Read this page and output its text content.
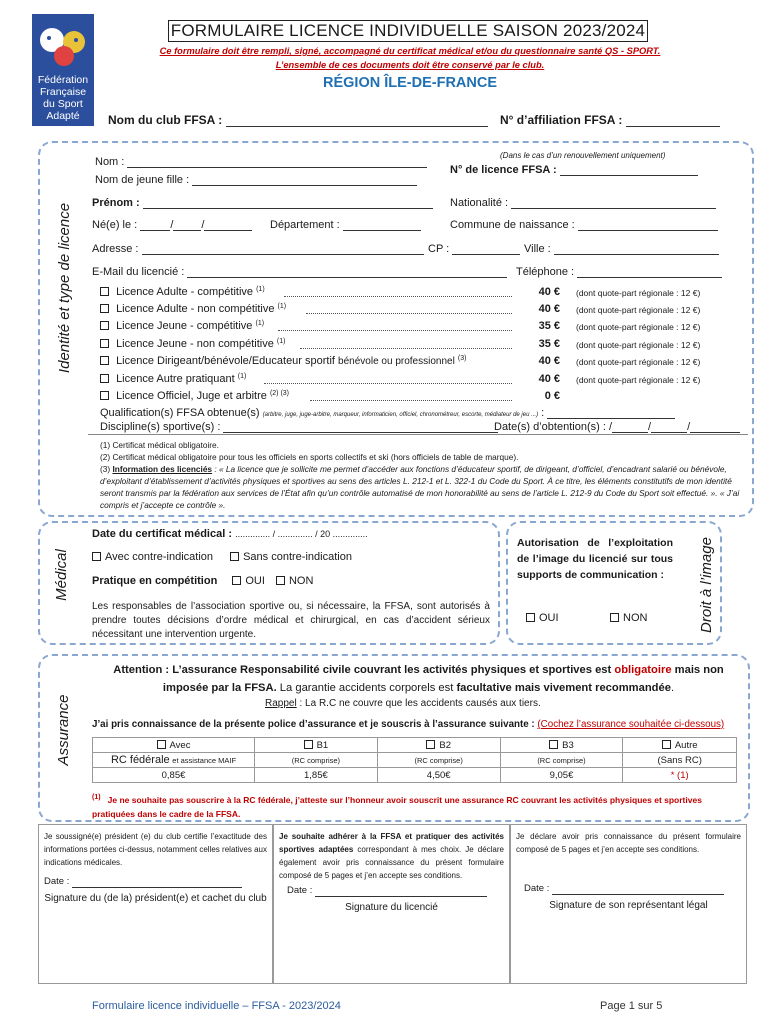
Fédération
Française
du Sport
Adapté
FORMULAIRE LICENCE INDIVIDUELLE SAISON 2023/2024
Ce formulaire doit être rempli, signé, accompagné du certificat médical et/ou du questionnaire santé QS - SPORT.
L’ensemble de ces documents doit être conservé par le club.
RÉGION ÎLE-DE-FRANCE
Nom du club FFSA :	N° d’affiliation FFSA :
Identité et type de licence
(Dans le cas d’un renouvellement uniquement)
Nom :
N° de licence FFSA :
Nom de jeune fille :
Prénom :	Nationalité :
Né(e) le :	/	/	Département :	Commune de naissance :
Adresse :	CP :	Ville :
E-Mail du licencié :	Téléphone :
Licence Adulte - compétitive $^{(1)}$	40 € (dont quote-part régionale : 12 €)
Licence Adulte - non compétitive $^{(1)}$	40 € (dont quote-part régionale : 12 €)
Licence Jeune - compétitive $^{(1)}$	35 € (dont quote-part régionale : 12 €)
Licence Jeune - non compétitive $^{(1)}$	35 € (dont quote-part régionale : 12 €)
Licence Dirigeant/bénévole/Educateur sportif bénévole ou professionnel $^{(3)}$	40 € (dont quote-part régionale : 12 €)
Licence Autre pratiquant $^{(1)}$	40 € (dont quote-part régionale : 12 €)
Licence Officiel, Juge et arbitre $^{(2) (3)}$	0 €
Qualification(s) FFSA obtenue(s) (arbitre, juge, juge-arbitre, marqueur, informaticien, officiel, chronométreur, escorte, médiateur de jeu ...) :
Discipline(s) sportive(s) :	Date(s) d’obtention(s) : /	/	/
(1) Certificat médical obligatoire.
(2) Certificat médical obligatoire pour tous les officiels en sports collectifs et ski (hors officiels de table de marque).
(3) Information des licenciés : « La licence que je sollicite me permet d’accéder aux fonctions d’éducateur sportif, de dirigeant, d’officiel, d’encadrant salarié ou bénévole, d’exploitant d’établissement d’activités physiques et sportives au sens des articles L. 212-1 et L. 322-1 du Code du Sport. À ce titre, les éléments constitutifs de mon identité seront transmis par la fédération aux services de l’État afin qu’un contrôle automatisé de mon honorabilité au sens de l’article L. 212-9 du Code du Sport soit effectué. ». « J’ai compris et j’accepte ce contrôle ».
Médical
Date du certificat médical : .............. / .............. / 20 ..............
Avec contre-indication	Sans contre-indication
Pratique en compétition	OUI NON
Les responsables de l’association sportive ou, si nécessaire, la FFSA, sont autorisés à prendre toutes décisions d’ordre médical et chirurgical, en cas d’accident sérieux nécessitant une intervention urgente.
Droit à l’image
Autorisation de l’exploitation de l’image du licencié sur tous supports de communication :
OUI	NON
Assurance
Attention : L’assurance Responsabilité civile couvrant les activités physiques et sportives est obligatoire mais non imposée par la FFSA. La garantie accidents corporels est facultative mais vivement recommandée.
Rappel : La R.C ne couvre que les accidents causés aux tiers.
J’ai pris connaissance de la présente police d’assurance et je souscris à l’assurance suivante : (Cochez l’assurance souhaitée ci-dessous)
Avec	B1	B2	B3	Autre
RC fédérale et assistance MAIF	(RC comprise)	(RC comprise)	(RC comprise)	(Sans RC)
0,85€	1,85€	4,50€	9,05€	* (1)
$^{(1)}$ Je ne souhaite pas souscrire à la RC fédérale, j’atteste sur l’honneur avoir souscrit une assurance RC couvrant les activités physiques et sportives pratiquées dans le cadre de la FFSA.
Je soussigné(e) président (e) du club certifie l’exactitude des informations portées ci-dessus, notamment celles relatives aux indications médicales.
Date :
Signature du (de la) président(e) et cachet du club
Je souhaite adhérer à la FFSA et pratiquer des activités sportives adaptées correspondant à mes choix. Je déclare également avoir pris connaissance du présent formulaire composé de 5 pages et j’en accepte ses conditions.
Date :
Signature du licencié
Je déclare avoir pris connaissance du présent formulaire composé de 5 pages et j’en accepte ses conditions.
Date :
Signature de son représentant légal
Formulaire licence individuelle – FFSA - 2023/2024	Page 1 sur 5
